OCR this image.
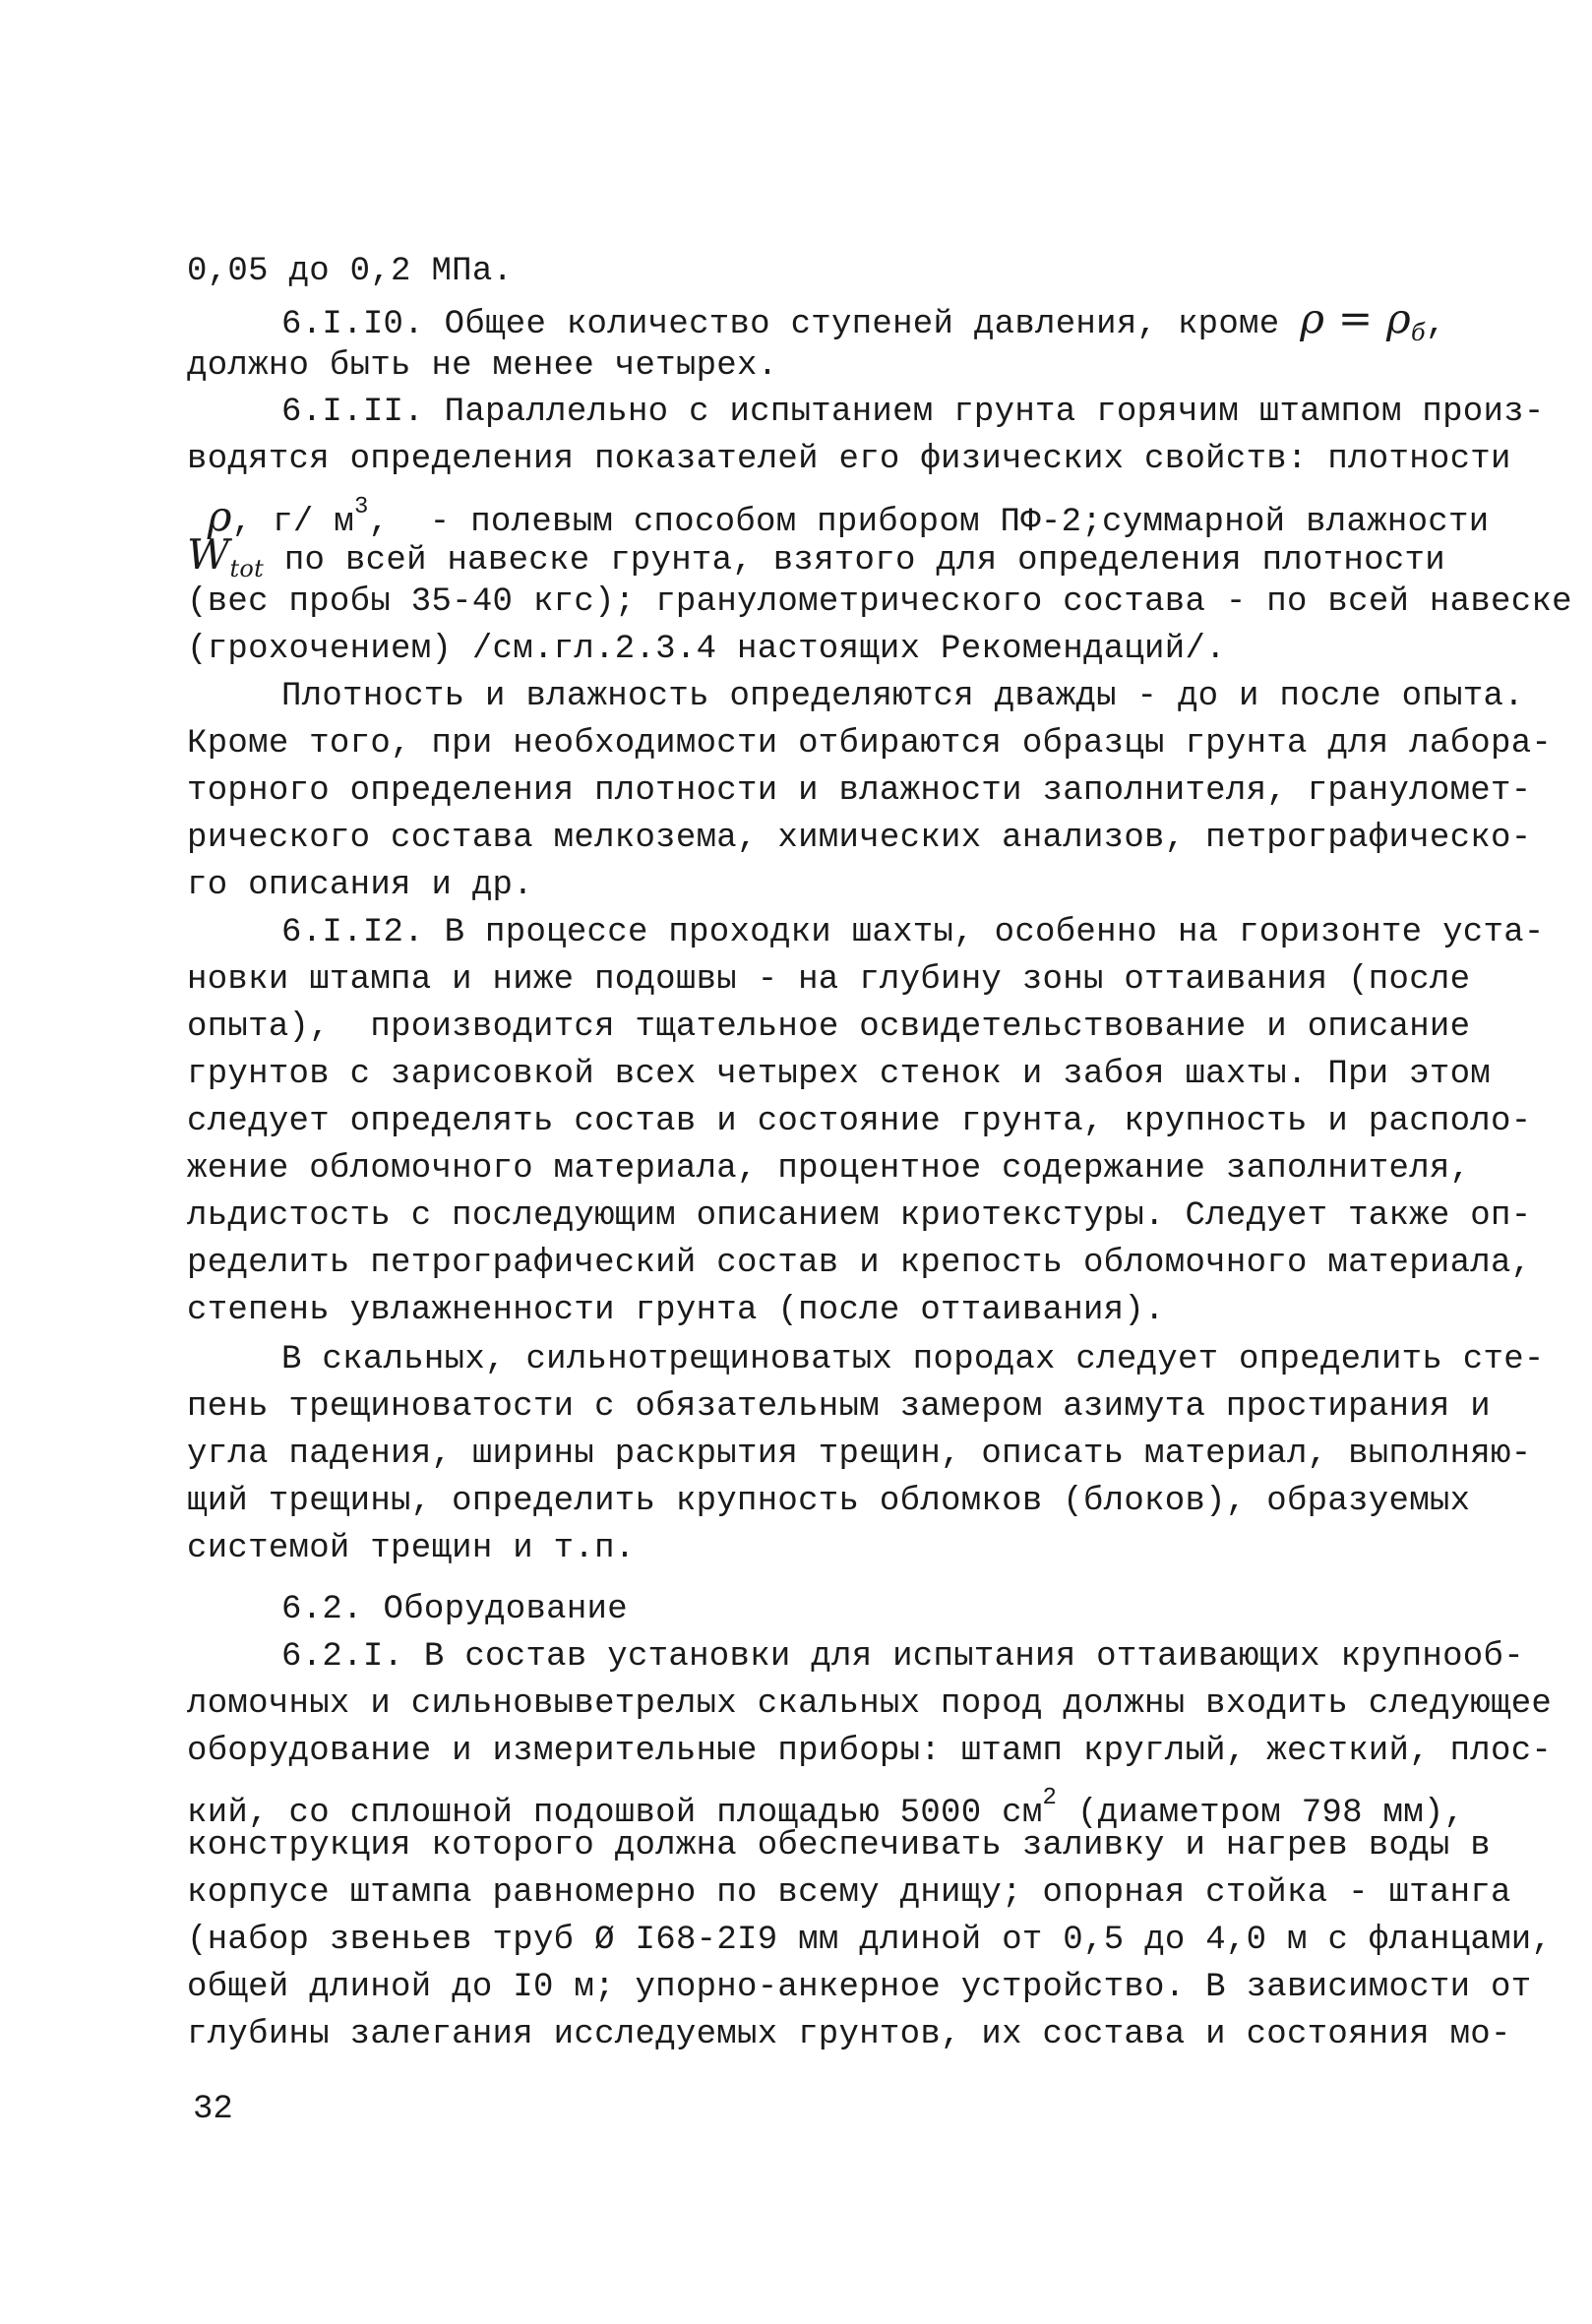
0,05 до 0,2 МПа.
6.I.I0. Общее количество ступеней давления, кроме $\rho = \rho_б$,
должно быть не менее четырех.
6.I.II. Параллельно с испытанием грунта горячим штампом произ-
водятся определения показателей его физических свойств: плотности
ρ, г/ $м^3$,  - полевым способом прибором ПФ-2;суммарной влажности
$W_{tot}$ по всей навеске грунта, взятого для определения плотности
(вес пробы 35-40 кгс); гранулометрического состава - по всей навеске
(грохочением) /см.гл.2.3.4 настоящих Рекомендаций/.
Плотность и влажность определяются дважды - до и после опыта.
Кроме того, при необходимости отбираются образцы грунта для лабора-
торного определения плотности и влажности заполнителя, грануломет-
рического состава мелкозема, химических анализов, петрографическо-
го описания и др.
6.I.I2. В процессе проходки шахты, особенно на горизонте уста-
новки штампа и ниже подошвы - на глубину зоны оттаивания (после
опыта), производится тщательное освидетельствование и описание
грунтов с зарисовкой всех четырех стенок и забоя шахты. При этом
следует определять состав и состояние грунта, крупность и располо-
жение обломочного материала, процентное содержание заполнителя,
льдистость с последующим описанием криотекстуры. Следует также оп-
ределить петрографический состав и крепость обломочного материала,
степень увлажненности грунта (после оттаивания).
В скальных, сильнотрещиноватых породах следует определить сте-
пень трещиноватости с обязательным замером азимута простирания и
угла падения, ширины раскрытия трещин, описать материал, выполняю-
щий трещины, определить крупность обломков (блоков), образуемых
системой трещин и т.п.
6.2. Оборудование
6.2.I. В состав установки для испытания оттаивающих крупнооб-
ломочных и сильновыветрелых скальных пород должны входить следующее
оборудование и измерительные приборы: штамп круглый, жесткий, плос-
кий, со сплошной подошвой площадью 5000 $см^2$ (диаметром 798 мм),
конструкция которого должна обеспечивать заливку и нагрев воды в
корпусе штампа равномерно по всему днищу; опорная стойка - штанга
(набор звеньев труб Ø I68-2I9 мм длиной от 0,5 до 4,0 м с фланцами,
общей длиной до I0 м; упорно-анкерное устройство. В зависимости от
глубины залегания исследуемых грунтов, их состава и состояния мо-
32
